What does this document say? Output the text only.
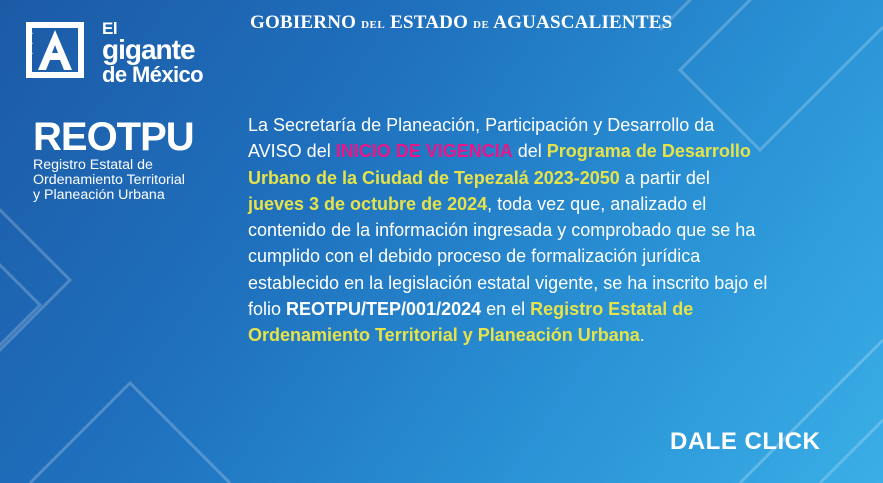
El
gigante
de México
GOBIERNO DEL ESTADO DE AGUASCALIENTES
REOTPU
Registro Estatal de
Ordenamiento Territorial
y Planeación Urbana

La Secretaría de Planeación, Participación y Desarrollo da AVISO del INICIO DE VIGENCIA del Programa de Desarrollo Urbano de la Ciudad de Tepezalá 2023-2050 a partir del jueves 3 de octubre de 2024, toda vez que, analizado el contenido de la información ingresada y comprobado que se ha cumplido con el debido proceso de formalización jurídica establecido en la legislación estatal vigente, se ha inscrito bajo el folio REOTPU/TEP/001/2024 en el Registro Estatal de Ordenamiento Territorial y Planeación Urbana.

DALE CLICK
